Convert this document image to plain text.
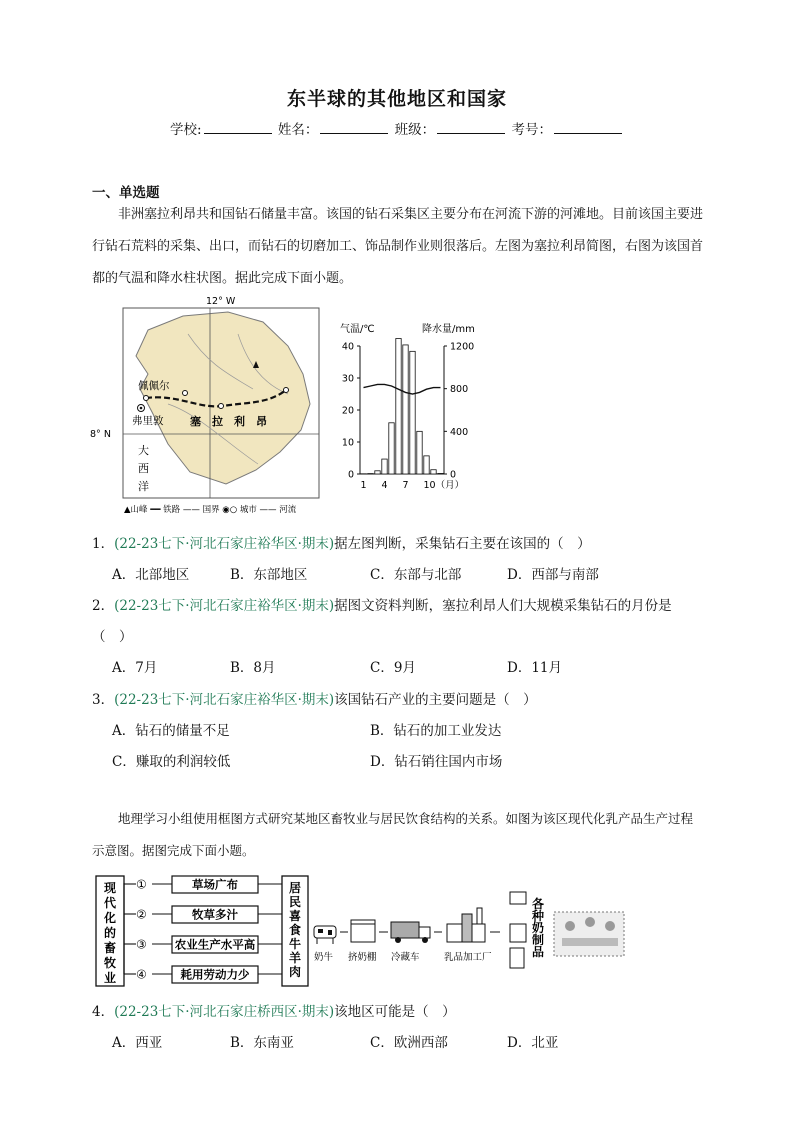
东半球的其他地区和国家
学校:	姓名：	班级：	考号：
一、单选题
非洲塞拉利昂共和国钻石储量丰富。该国的钻石采集区主要分布在河流下游的河滩地。目前该国主要进行钻石荒料的采集、出口，而钻石的切磨加工、饰品制作业则很落后。左图为塞拉利昂简图，右图为该国首都的气温和降水柱状图。据此完成下面小题。
12° W
8° N
佩佩尔
弗里敦 塞　拉　利　昂
大
西
洋
▲山峰 ━━ 铁路 —— 国界 ◉○ 城市 —— 河流
气温/℃	降水量/mm
40
30
20
10
0
1200
800
400
0
1 4 7 10（月）
1．(22-23七下·河北石家庄裕华区·期末)据左图判断，采集钻石主要在该国的（　）
A．北部地区	B．东部地区	C．东部与北部	D．西部与南部
2．(22-23七下·河北石家庄裕华区·期末)据图文资料判断，塞拉利昂人们大规模采集钻石的月份是
（　）
A．7月	B．8月	C．9月	D．11月
3．(22-23七下·河北石家庄裕华区·期末)该国钻石产业的主要问题是（　）
A．钻石的储量不足	B．钻石的加工业发达
C．赚取的利润较低	D．钻石销往国内市场
地理学习小组使用框图方式研究某地区畜牧业与居民饮食结构的关系。如图为该区现代化乳产品生产过程示意图。据图完成下面小题。
现
代
化
的
畜
牧
业
①	草场广布
②	牧草多汁
③ 农业生产水平高
④	耗用劳动力少
居
民
喜
食
牛
羊
肉
奶牛 挤奶棚 冷藏车	乳品加工厂
各
种
奶
制
品
4．(22-23七下·河北石家庄桥西区·期末)该地区可能是（　）
A．西亚	B．东南亚	C．欧洲西部	D．北亚
